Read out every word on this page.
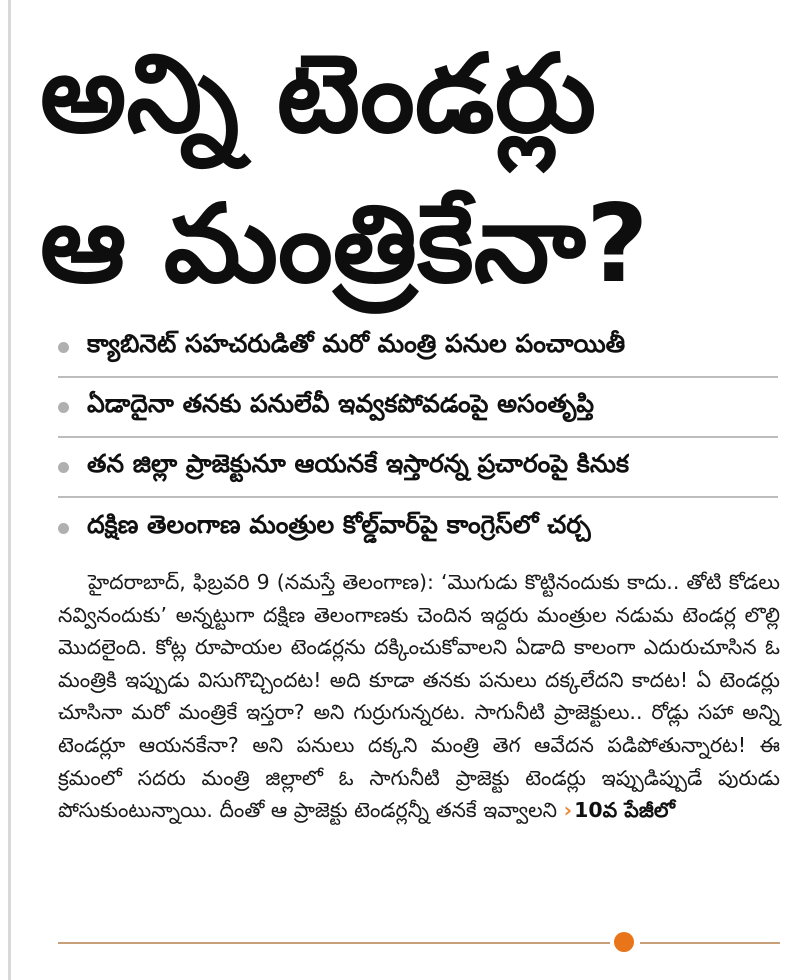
అన్ని టెండర్లు
ఆ మంత్రికేనా?
క్యాబినెట్ సహచరుడితో మరో మంత్రి పనుల పంచాయితీ
ఏడాదైనా తనకు పనులేవీ ఇవ్వకపోవడంపై అసంతృప్తి
తన జిల్లా ప్రాజెక్టునూ ఆయనకే ఇస్తారన్న ప్రచారంపై కినుక
దక్షిణ తెలంగాణ మంత్రుల కోల్డ్‌వార్‌పై కాంగ్రెస్‌లో చర్చ
హైదరాబాద్, ఫిబ్రవరి 9 (నమస్తే తెలంగాణ): ‘మొగుడు కొట్టినందుకు కాదు.. తోటి కోడలు నవ్వినందుకు’ అన్నట్టుగా దక్షిణ తెలంగాణకు చెందిన ఇద్దరు మంత్రుల నడుమ టెండర్ల లొల్లి మొదలైంది. కోట్ల రూపాయల టెండర్లను దక్కించుకోవాలని ఏడాది కాలంగా ఎదురుచూసిన ఓ మంత్రికి ఇప్పుడు విసుగొచ్చిందట! అది కూడా తనకు పనులు దక్కలేదని కాదట! ఏ టెండర్లు చూసినా మరో మంత్రికే ఇస్తరా? అని గుర్రుగున్నరట. సాగునీటి ప్రాజెక్టులు.. రోడ్లు సహా అన్ని టెండర్లూ ఆయనకేనా? అని పనులు దక్కని మంత్రి తెగ ఆవేదన పడిపోతున్నారట! ఈ క్రమంలో సదరు మంత్రి జిల్లాలో ఓ సాగునీటి ప్రాజెక్టు టెండర్లు ఇప్పుడిప్పుడే పురుడు పోసుకుంటున్నాయి. దీంతో ఆ ప్రాజెక్టు టెండర్లన్నీ తనకే ఇవ్వాలని ›10వ పేజీలో
